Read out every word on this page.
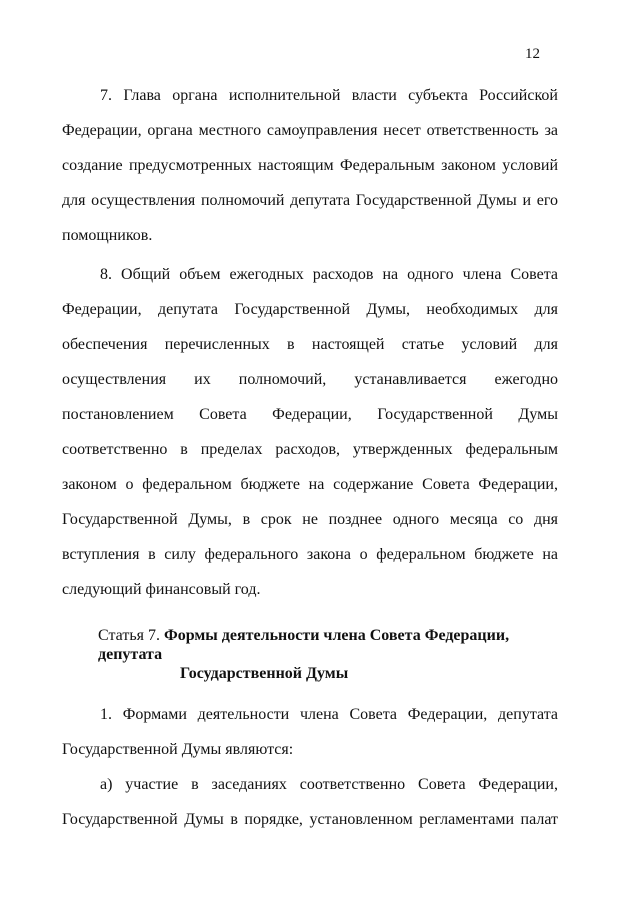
12

7. Глава органа исполнительной власти субъекта Российской
Федерации, органа местного самоуправления несет ответственность за
создание предусмотренных настоящим Федеральным законом условий
для осуществления полномочий депутата Государственной Думы и его
помощников.

8. Общий объем ежегодных расходов на одного члена Совета
Федерации, депутата Государственной Думы, необходимых для
обеспечения перечисленных в настоящей статье условий для
осуществления их полномочий, устанавливается ежегодно
постановлением Совета Федерации, Государственной Думы
соответственно в пределах расходов, утвержденных федеральным
законом о федеральном бюджете на содержание Совета Федерации,
Государственной Думы, в срок не позднее одного месяца со дня
вступления в силу федерального закона о федеральном бюджете на
следующий финансовый год.

Статья 7. Формы деятельности члена Совета Федерации, депутата
Государственной Думы

1. Формами деятельности члена Совета Федерации, депутата
Государственной Думы являются:

а) участие в заседаниях соответственно Совета Федерации,
Государственной Думы в порядке, установленном регламентами палат
